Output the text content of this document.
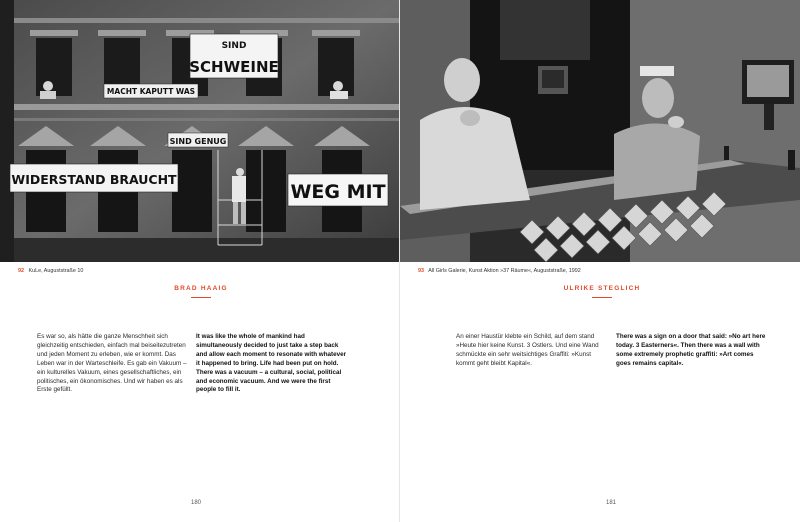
SIND
SCHWEINE
MACHT KAPUTT WAS
SIND GENUG
WIDERSTAND BRAUCHT
WEG MIT
92 KuLe, Auguststraße 10
BRAD HAAIG
Es war so, als hätte die ganze Menschheit sich gleichzeitig entschieden, einfach mal beiseitezutreten und jeden Moment zu erleben, wie er kommt. Das Leben war in der Warteschleife. Es gab ein Vakuum – ein kulturelles Vakuum, eines gesellschaftliches, ein politisches, ein ökonomisches. Und wir haben es als Erste gefüllt.
It was like the whole of mankind had simultaneously decided to just take a step back and allow each moment to resonate with whatever it happened to bring. Life had been put on hold. There was a vacuum – a cultural, social, political and economic vacuum. And we were the first people to fill it.
180
93 All Girls Galerie, Kunst Aktion »37 Räume«, Auguststraße, 1992
ULRIKE STEGLICH
An einer Haustür klebte ein Schild, auf dem stand »Heute hier keine Kunst. 3 Ostlers. Und eine Wand schmückte ein sehr weitsichtiges Graffiti: »Kunst kommt geht bleibt Kapital«.
There was a sign on a door that said: »No art here today. 3 Easterners«. Then there was a wall with some extremely prophetic graffiti: »Art comes goes remains capital«.
181
